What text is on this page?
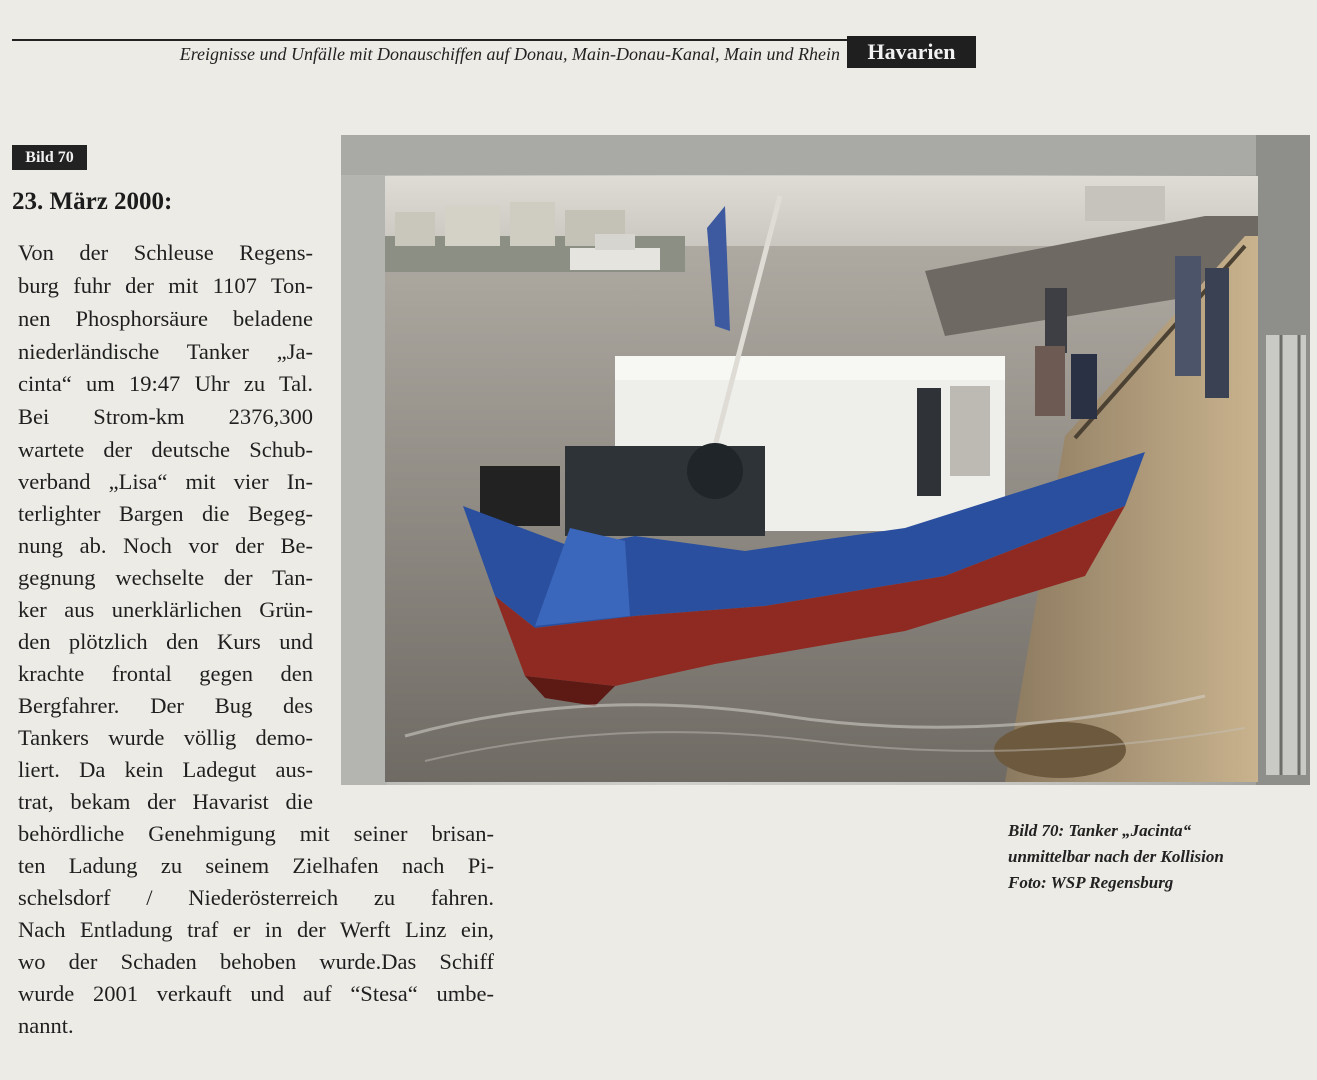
Ereignisse und Unfälle mit Donauschiffen auf Donau, Main-Donau-Kanal, Main und Rhein	Havarien
Bild 70
23. März 2000:
Von der Schleuse Regens-
burg fuhr der mit 1107 Ton-
nen Phosphorsäure beladene
niederländische Tanker „Ja-
cinta“ um 19:47 Uhr zu Tal.
Bei Strom-km 2376,300
wartete der deutsche Schub-
verband „Lisa“ mit vier In-
terlighter Bargen die Begeg-
nung ab. Noch vor der Be-
gegnung wechselte der Tan-
ker aus unerklärlichen Grün-
den plötzlich den Kurs und
krachte frontal gegen den
Bergfahrer. Der Bug des
Tankers wurde völlig demo-
liert. Da kein Ladegut aus-
trat, bekam der Havarist die
behördliche Genehmigung mit seiner brisan-
ten Ladung zu seinem Zielhafen nach Pi-
schelsdorf / Niederösterreich zu fahren.
Nach Entladung traf er in der Werft Linz ein,
wo der Schaden behoben wurde.Das Schiff
wurde 2001 verkauft und auf “Stesa“ umbe-
nannt.
Bild 70: Tanker „Jacinta“
unmittelbar nach der Kollision
Foto: WSP Regensburg
